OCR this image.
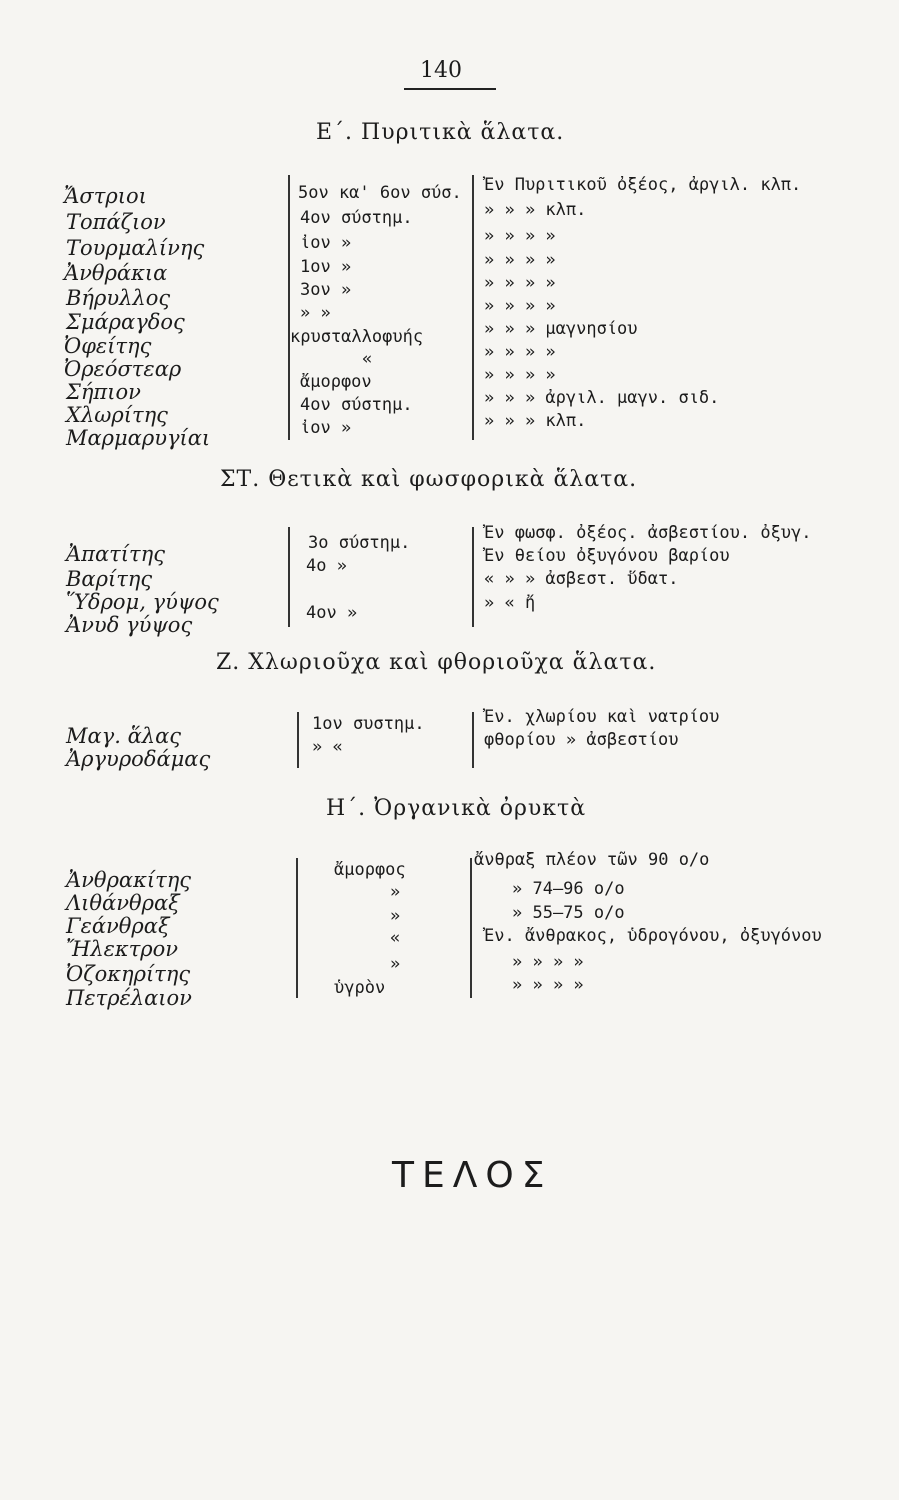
140
Ε΄. Πυριτικὰ ἅλατα.
Ἄστριοι
Τοπάζιον
Τουρμαλίνης
Ἀνθράκια
Βήρυλλος
Σμάραγδος
Ὀφείτης
Ὀρεόστεαρ
Σήπιον
Χλωρίτης
Μαρμαρυγίαι
5ον κα' 6ον σύσ.
4ον σύστημ.
ἰον »
1ον »
3ον »
» »
κρυσταλλοφυής
«
ἄμορφον
4ον σύστημ.
ἰον »
Ἐν Πυριτικοῦ ὀξέος, ἀργιλ. κλπ.
» » » κλπ.
» » » »
» » » »
» » » »
» » » »
» » » μαγνησίου
» » » »
» » » »
» » » ἀργιλ. μαγν. σιδ.
» » » κλπ.
ΣΤ. Θετικὰ καὶ φωσφορικὰ ἅλατα.
Ἀπατίτης
Βαρίτης
Ὕδρομ, γύψος
Ἀνυδ γύψος
3ο σύστημ.
4ο »
4ον »
Ἐν φωσφ. ὀξέος. ἀσβεστίου. ὀξυγ.
Ἐν θείου ὀξυγόνου βαρίου
« » » ἀσβεστ. ὕδατ.
» « ἤ
Ζ. Χλωριοῦχα καὶ φθοριοῦχα ἅλατα.
Μαγ. ἅλας
Ἀργυροδάμας
1ον συστημ.
» «
Ἐν. χλωρίου καὶ νατρίου
φθορίου » ἀσβεστίου
Η΄. Ὀργανικὰ ὀρυκτὰ
Ἀνθρακίτης
Λιθάνθραξ
Γεάνθραξ
Ἤλεκτρον
Ὀζοκηρίτης
Πετρέλαιον
ἄμορφος
»
»
«
»
ὑγρὸν
ἄνθραξ πλέον τῶν 90 ο/ο
» 74—96 ο/ο
» 55—75 ο/ο
Ἐν. ἄνθρακος, ὑδρογόνου, ὀξυγόνου
» » » »
» » » »
ΤΕΛΟΣ
